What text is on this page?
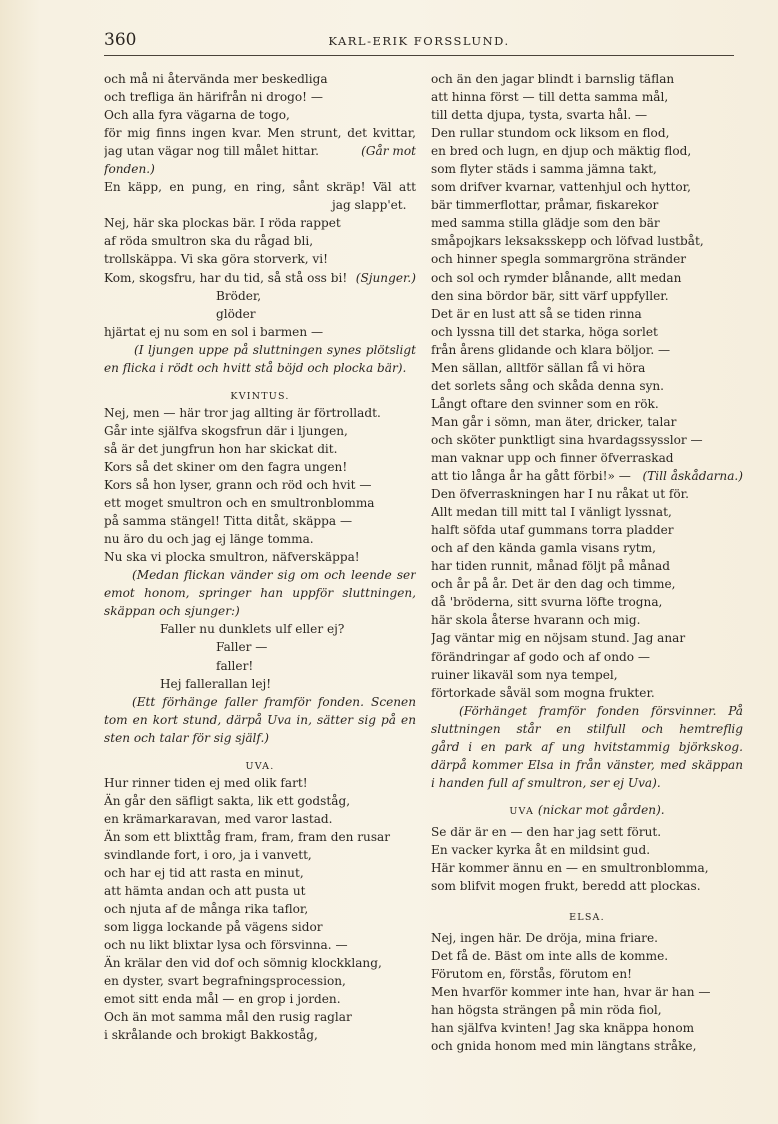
360	KARL-ERIK FORSSLUND.
och må ni återvända mer beskedliga
och trefliga än härifrån ni drogo! —
Och alla fyra vägarna de togo,
för mig finns ingen kvar. Men strunt, det kvittar,
jag utan vägar nog till målet hittar.	(Går mot
fonden.)
En käpp, en pung, en ring, sånt skräp! Väl att
jag slapp'et.
Nej, här ska plockas bär. I röda rappet
af röda smultron ska du rågad bli,
trollskäppa. Vi ska göra storverk, vi!
Kom, skogsfru, har du tid, så stå oss bi! (Sjunger.)
Bröder,
glöder
hjärtat ej nu som en sol i barmen —
(I ljungen uppe på sluttningen synes plötsligt
en flicka i rödt och hvitt stå böjd och plocka bär).
KVINTUS.
Nej, men — här tror jag allting är förtrolladt.
Går inte själfva skogsfrun där i ljungen,
så är det jungfrun hon har skickat dit.
Kors så det skiner om den fagra ungen!
Kors så hon lyser, grann och röd och hvit —
ett moget smultron och en smultronblomma
på samma stängel! Titta ditåt, skäppa —
nu äro du och jag ej länge tomma.
Nu ska vi plocka smultron, näfverskäppa!
(Medan flickan vänder sig om och leende ser
emot honom, springer han uppför sluttningen,
skäppan och sjunger:)
Faller nu dunklets ulf eller ej?
Faller —
faller!
Hej fallerallan lej!
(Ett förhänge faller framför fonden. Scenen
tom en kort stund, därpå Uva in, sätter sig på en
sten och talar för sig själf.)
UVA.
Hur rinner tiden ej med olik fart!
Än går den säfligt sakta, lik ett godståg,
en krämarkaravan, med varor lastad.
Än som ett blixttåg fram, fram, fram den rusar
svindlande fort, i oro, ja i vanvett,
och har ej tid att rasta en minut,
att hämta andan och att pusta ut
och njuta af de många rika taflor,
som ligga lockande på vägens sidor
och nu likt blixtar lysa och försvinna. —
Än krälar den vid dof och sömnig klockklang,
en dyster, svart begrafningsprocession,
emot sitt enda mål — en grop i jorden.
Och än mot samma mål den rusig raglar
i skrålande och brokigt Bakkoståg,
och än den jagar blindt i barnslig täflan
att hinna först — till detta samma mål,
till detta djupa, tysta, svarta hål. —
Den rullar stundom ock liksom en flod,
en bred och lugn, en djup och mäktig flod,
som flyter städs i samma jämna takt,
som drifver kvarnar, vattenhjul och hyttor,
bär timmerflottar, pråmar, fiskarekor
med samma stilla glädje som den bär
småpojkars leksaksskepp och löfvad lustbåt,
och hinner spegla sommargröna stränder
och sol och rymder blånande, allt medan
den sina bördor bär, sitt värf uppfyller.
Det är en lust att så se tiden rinna
och lyssna till det starka, höga sorlet
från årens glidande och klara böljor. —
Men sällan, alltför sällan få vi höra
det sorlets sång och skåda denna syn.
Långt oftare den svinner som en rök.
Man går i sömn, man äter, dricker, talar
och sköter punktligt sina hvardagssysslor —
man vaknar upp och finner öfverraskad
att tio långa år ha gått förbi!» — (Till åskådarna.)
Den öfverraskningen har I nu råkat ut för.
Allt medan till mitt tal I vänligt lyssnat,
halft söfda utaf gummans torra pladder
och af den kända gamla visans rytm,
har tiden runnit, månad följt på månad
och år på år. Det är den dag och timme,
då 'bröderna, sitt svurna löfte trogna,
här skola återse hvarann och mig.
Jag väntar mig en nöjsam stund. Jag anar
förändringar af godo och af ondo —
ruiner likaväl som nya tempel,
förtorkade såväl som mogna frukter.
(Förhänget framför fonden försvinner. På
sluttningen står en stilfull och hemtreflig
gård i en park af ung hvitstammig björkskog.
därpå kommer Elsa in från vänster, med skäppan
i handen full af smultron, ser ej Uva).
UVA (nickar mot gården).
Se där är en — den har jag sett förut.
En vacker kyrka åt en mildsint gud.
Här kommer ännu en — en smultronblomma,
som blifvit mogen frukt, beredd att plockas.
ELSA.
Nej, ingen här. De dröja, mina friare.
Det få de. Bäst om inte alls de komme.
Förutom en, förstås, förutom en!
Men hvarför kommer inte han, hvar är han —
han högsta strängen på min röda fiol,
han själfva kvinten! Jag ska knäppa honom
och gnida honom med min längtans stråke,
